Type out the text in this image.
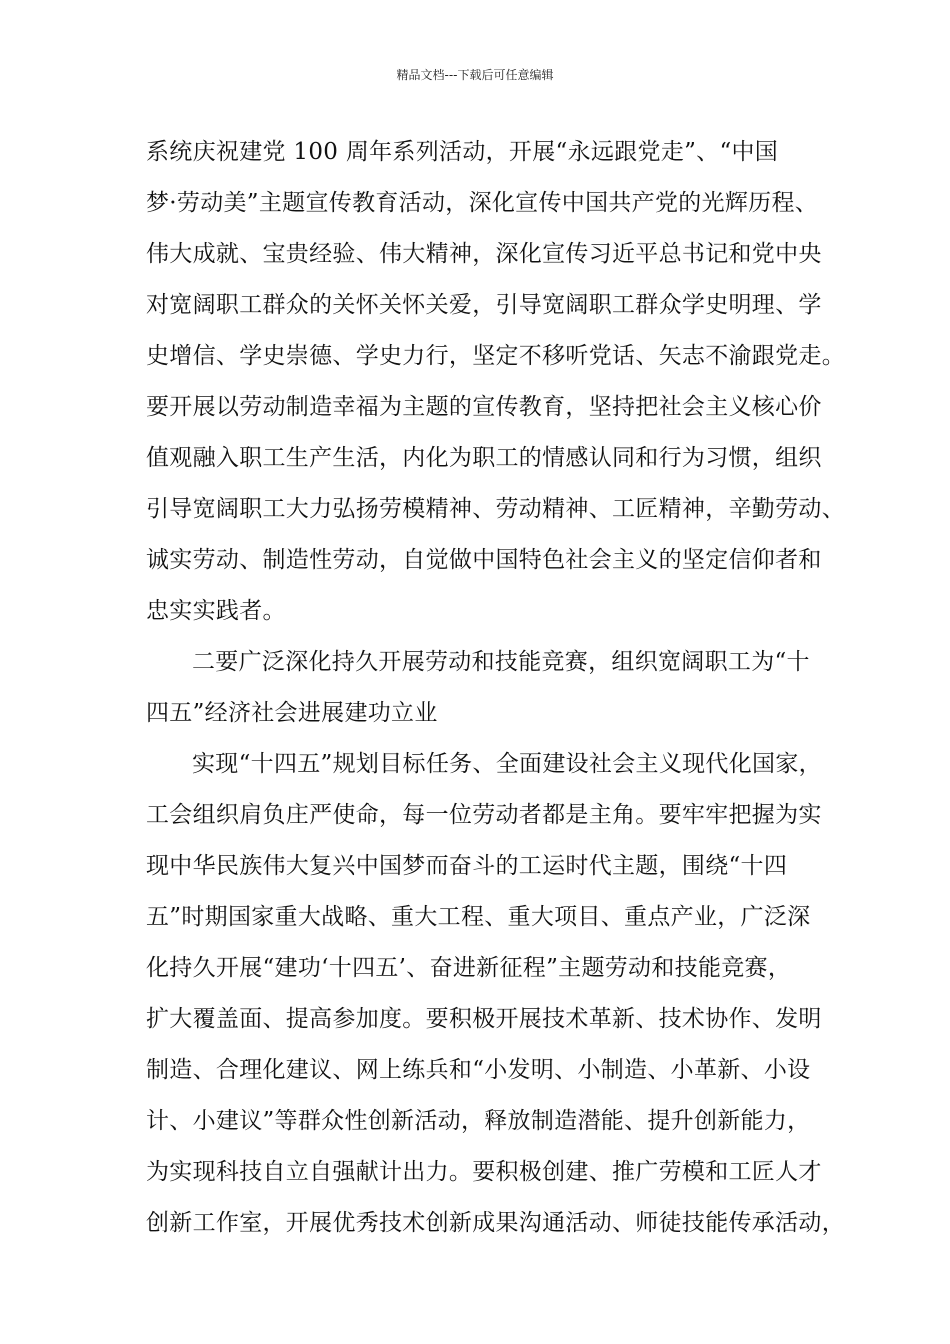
精品文档---下载后可任意编辑
系统庆祝建党 100 周年系列活动，开展“永远跟党走”、“中国
梦·劳动美”主题宣传教育活动，深化宣传中国共产党的光辉历程、
伟大成就、宝贵经验、伟大精神，深化宣传习近平总书记和党中央
对宽阔职工群众的关怀关怀关爱，引导宽阔职工群众学史明理、学
史增信、学史崇德、学史力行，坚定不移听党话、矢志不渝跟党走。
要开展以劳动制造幸福为主题的宣传教育，坚持把社会主义核心价
值观融入职工生产生活，内化为职工的情感认同和行为习惯，组织
引导宽阔职工大力弘扬劳模精神、劳动精神、工匠精神，辛勤劳动、
诚实劳动、制造性劳动，自觉做中国特色社会主义的坚定信仰者和
忠实实践者。
二要广泛深化持久开展劳动和技能竞赛，组织宽阔职工为“十
四五”经济社会进展建功立业
实现“十四五”规划目标任务、全面建设社会主义现代化国家，
工会组织肩负庄严使命，每一位劳动者都是主角。要牢牢把握为实
现中华民族伟大复兴中国梦而奋斗的工运时代主题，围绕“十四
五”时期国家重大战略、重大工程、重大项目、重点产业，广泛深
化持久开展“建功‘十四五’、奋进新征程”主题劳动和技能竞赛，
扩大覆盖面、提高参加度。要积极开展技术革新、技术协作、发明
制造、合理化建议、网上练兵和“小发明、小制造、小革新、小设
计、小建议”等群众性创新活动，释放制造潜能、提升创新能力，
为实现科技自立自强献计出力。要积极创建、推广劳模和工匠人才
创新工作室，开展优秀技术创新成果沟通活动、师徒技能传承活动，
